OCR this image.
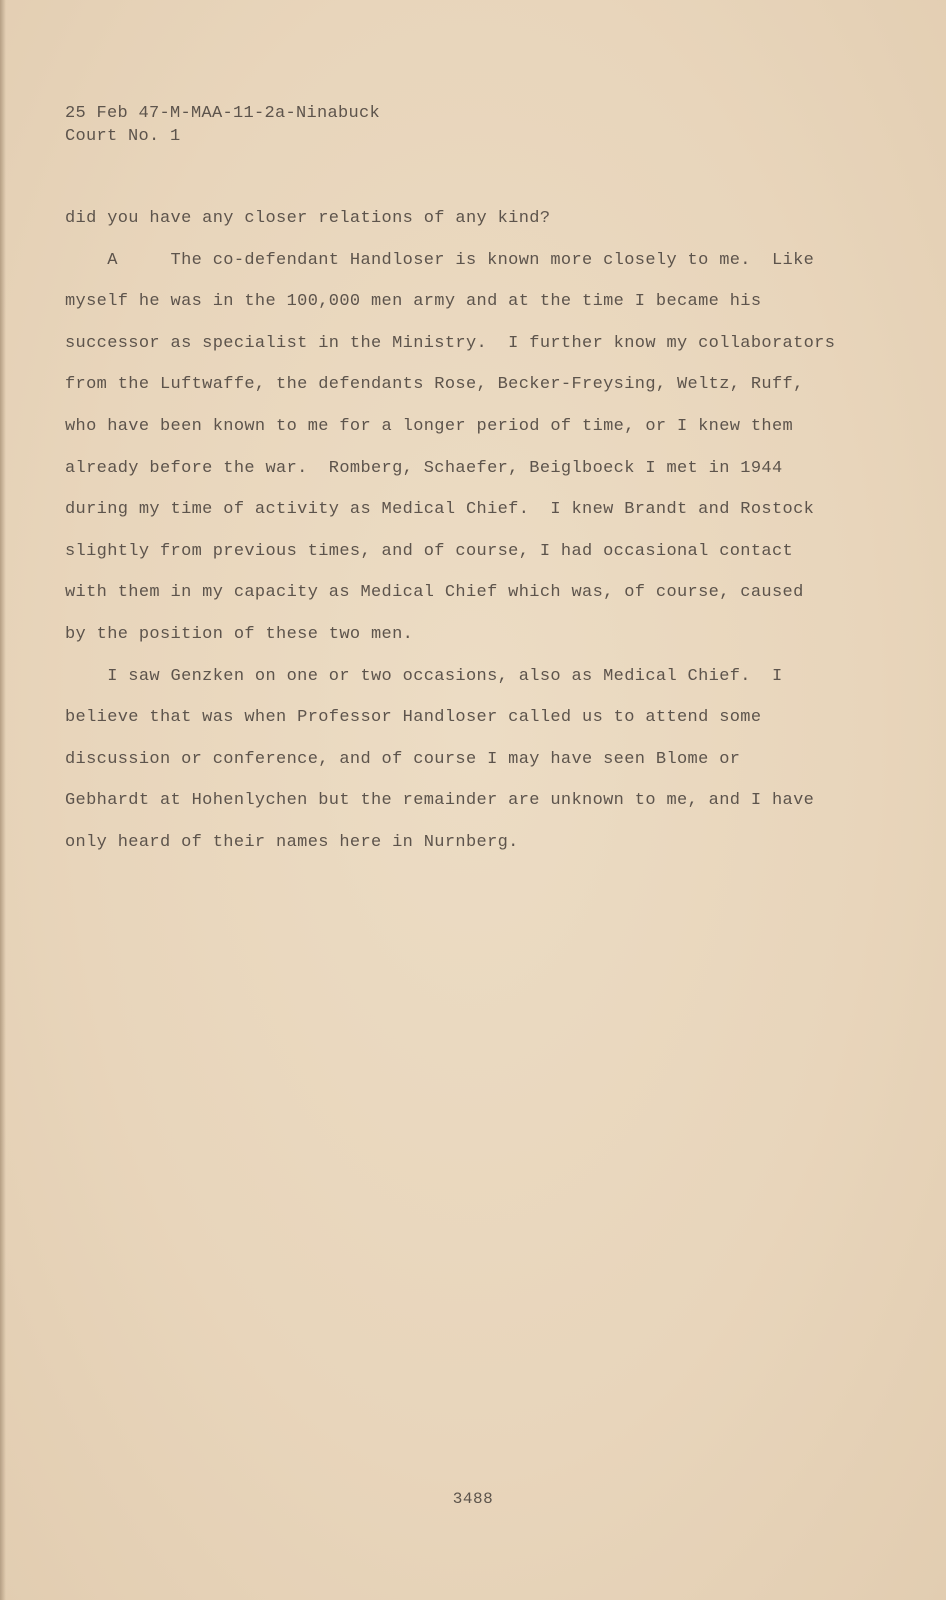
25 Feb 47-M-MAA-11-2a-Ninabuck
Court No. 1
did you have any closer relations of any kind?
A     The co-defendant Handloser is known more closely to me.  Like
myself he was in the 100,000 men army and at the time I became his
successor as specialist in the Ministry.  I further know my collaborators
from the Luftwaffe, the defendants Rose, Becker-Freysing, Weltz, Ruff,
who have been known to me for a longer period of time, or I knew them
already before the war.  Romberg, Schaefer, Beiglboeck I met in 1944
during my time of activity as Medical Chief.  I knew Brandt and Rostock
slightly from previous times, and of course, I had occasional contact
with them in my capacity as Medical Chief which was, of course, caused
by the position of these two men.
I saw Genzken on one or two occasions, also as Medical Chief.  I
believe that was when Professor Handloser called us to attend some
discussion or conference, and of course I may have seen Blome or
Gebhardt at Hohenlychen but the remainder are unknown to me, and I have
only heard of their names here in Nurnberg.
3488
